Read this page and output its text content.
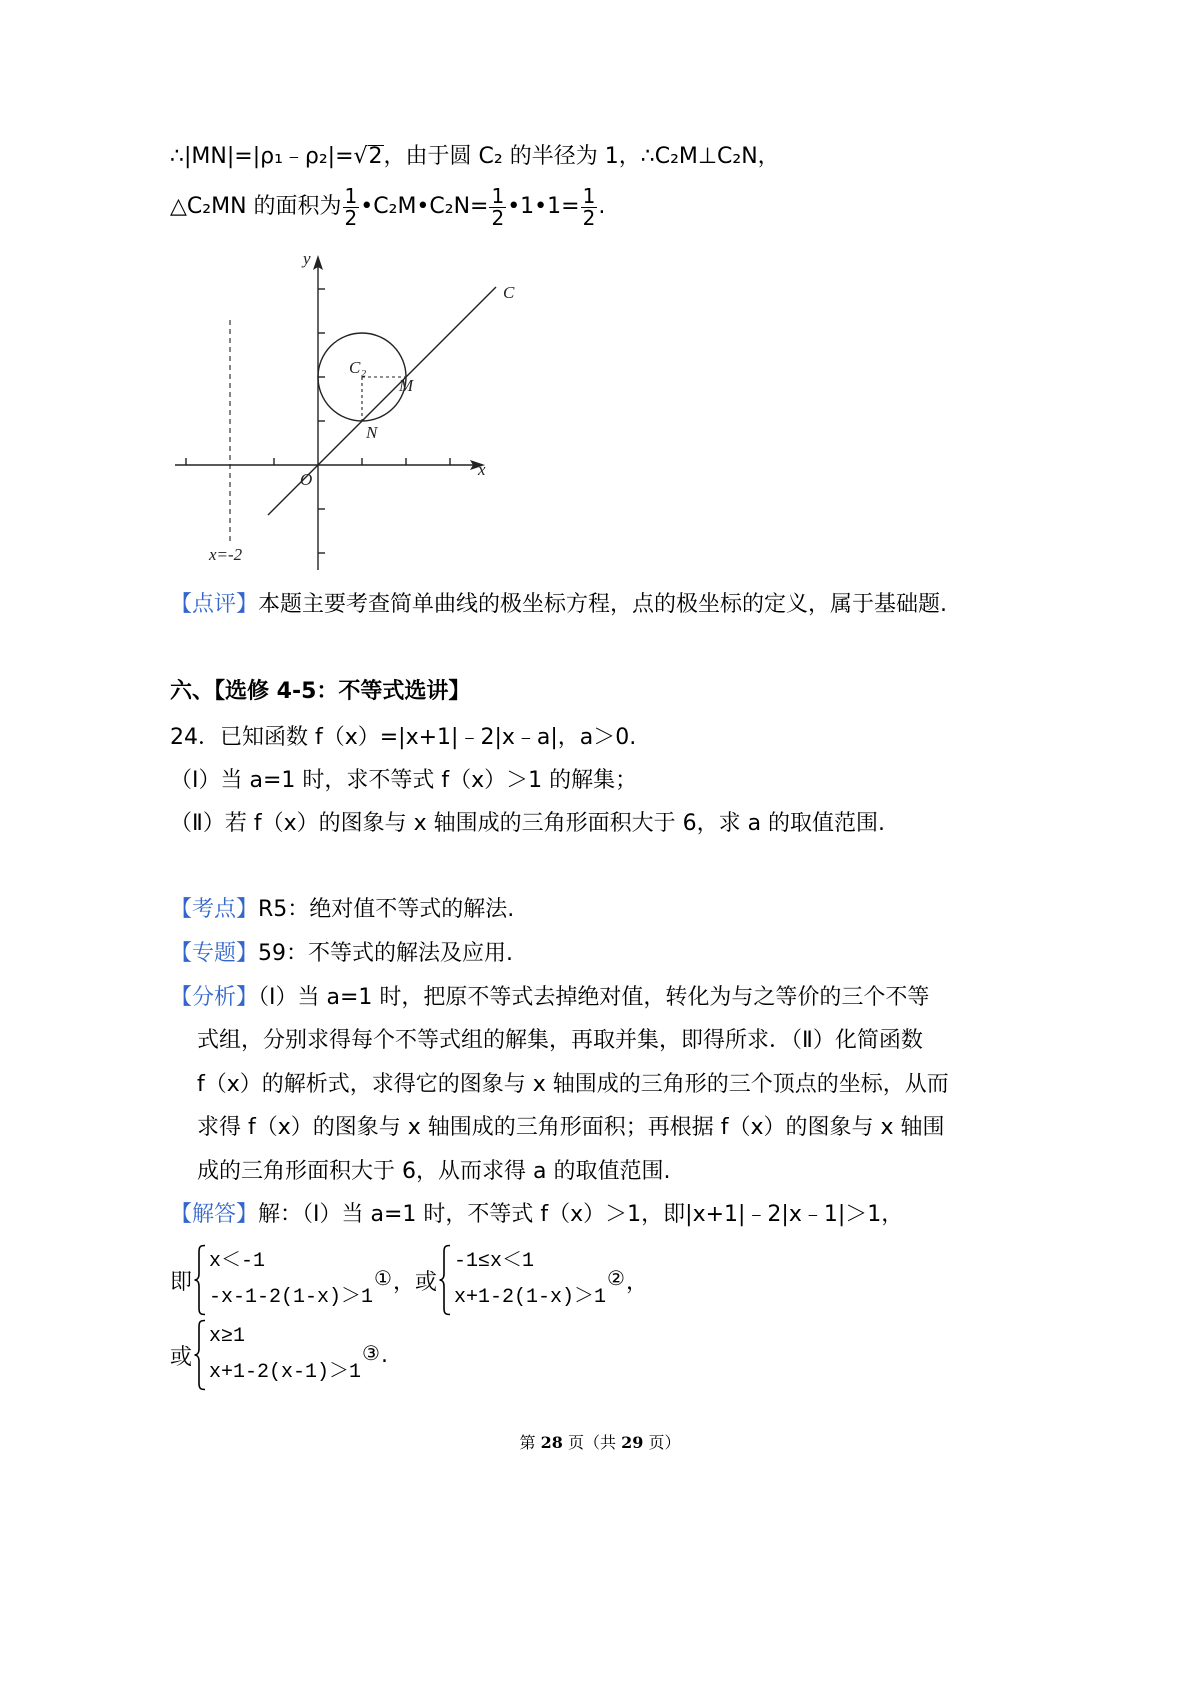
∴|MN|=|ρ₁﹣ρ₂|=√2，由于圆 C₂ 的半径为 1，∴C₂M⊥C₂N，
△C₂MN 的面积为 $\frac{1}{2}$ •C₂M•C₂N= $\frac{1}{2}$ •1•1= $\frac{1}{2}$ .
y
x
O
C
C₂
M
N
x=-2
【点评】本题主要考查简单曲线的极坐标方程，点的极坐标的定义，属于基础题.
六、【选修 4-5：不等式选讲】
24．已知函数 f（x）=|x+1|﹣2|x﹣a|，a＞0.
（Ⅰ）当 a=1 时，求不等式 f（x）＞1 的解集；
（Ⅱ）若 f（x）的图象与 x 轴围成的三角形面积大于 6，求 a 的取值范围.
【考点】R5：绝对值不等式的解法.
【专题】59：不等式的解法及应用.
【分析】（Ⅰ）当 a=1 时，把原不等式去掉绝对值，转化为与之等价的三个不等
式组，分别求得每个不等式组的解集，再取并集，即得所求．（Ⅱ）化简函数
f（x）的解析式，求得它的图象与 x 轴围成的三角形的三个顶点的坐标，从而
求得 f（x）的图象与 x 轴围成的三角形面积；再根据 f（x）的图象与 x 轴围
成的三角形面积大于 6，从而求得 a 的取值范围.
【解答】解：（Ⅰ）当 a=1 时，不等式 f（x）＞1，即|x+1|﹣2|x﹣1|＞1，
即
x＜-1
-x-1-2(1-x)＞1
① ，或
-1≤x＜1
x+1-2(1-x)＞1
② ，
或
x≥1
x+1-2(x-1)＞1
③ .
第 28 页（共 29 页）
